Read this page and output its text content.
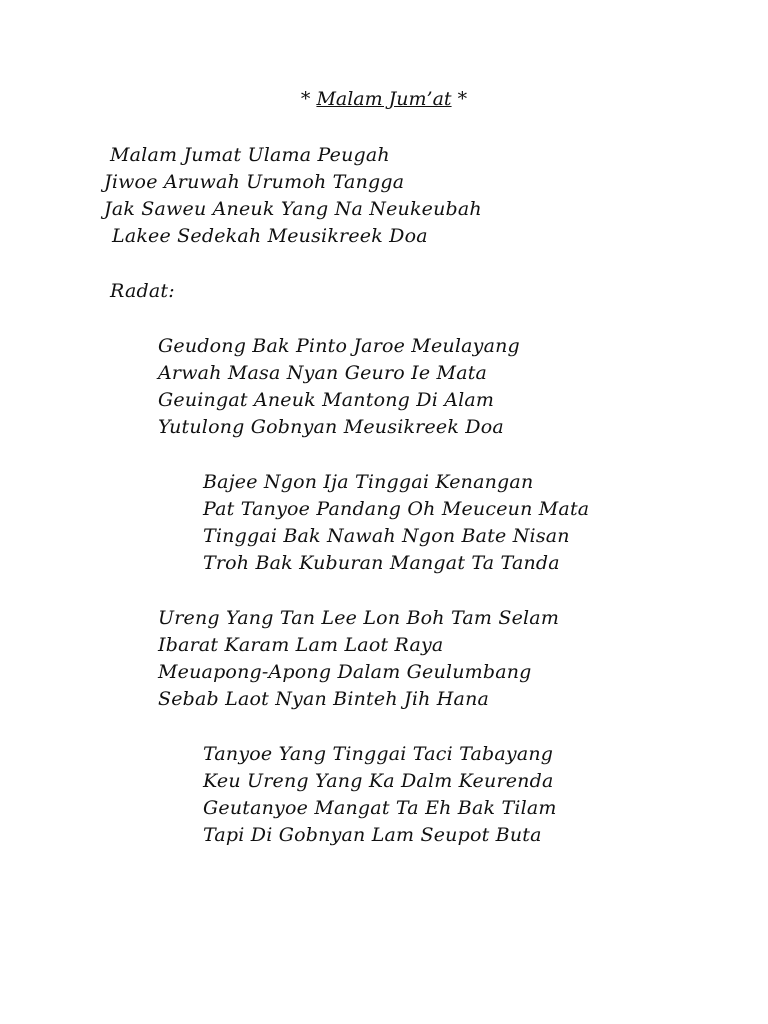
* Malam Jum’at *
Malam Jumat Ulama Peugah
Jiwoe Aruwah Urumoh Tangga
Jak Saweu Aneuk Yang Na Neukeubah
Lakee Sedekah Meusikreek Doa
Radat:
Geudong Bak Pinto Jaroe Meulayang
Arwah Masa Nyan Geuro Ie Mata
Geuingat Aneuk Mantong Di Alam
Yutulong Gobnyan Meusikreek Doa
Bajee Ngon Ija Tinggai Kenangan
Pat Tanyoe Pandang Oh Meuceun Mata
Tinggai Bak Nawah Ngon Bate Nisan
Troh Bak Kuburan Mangat Ta Tanda
Ureng Yang Tan Lee Lon Boh Tam Selam
Ibarat Karam Lam Laot Raya
Meuapong-Apong Dalam Geulumbang
Sebab Laot Nyan Binteh Jih Hana
Tanyoe Yang Tinggai Taci Tabayang
Keu Ureng Yang Ka Dalm Keurenda
Geutanyoe Mangat Ta Eh Bak Tilam
Tapi Di Gobnyan Lam Seupot Buta
